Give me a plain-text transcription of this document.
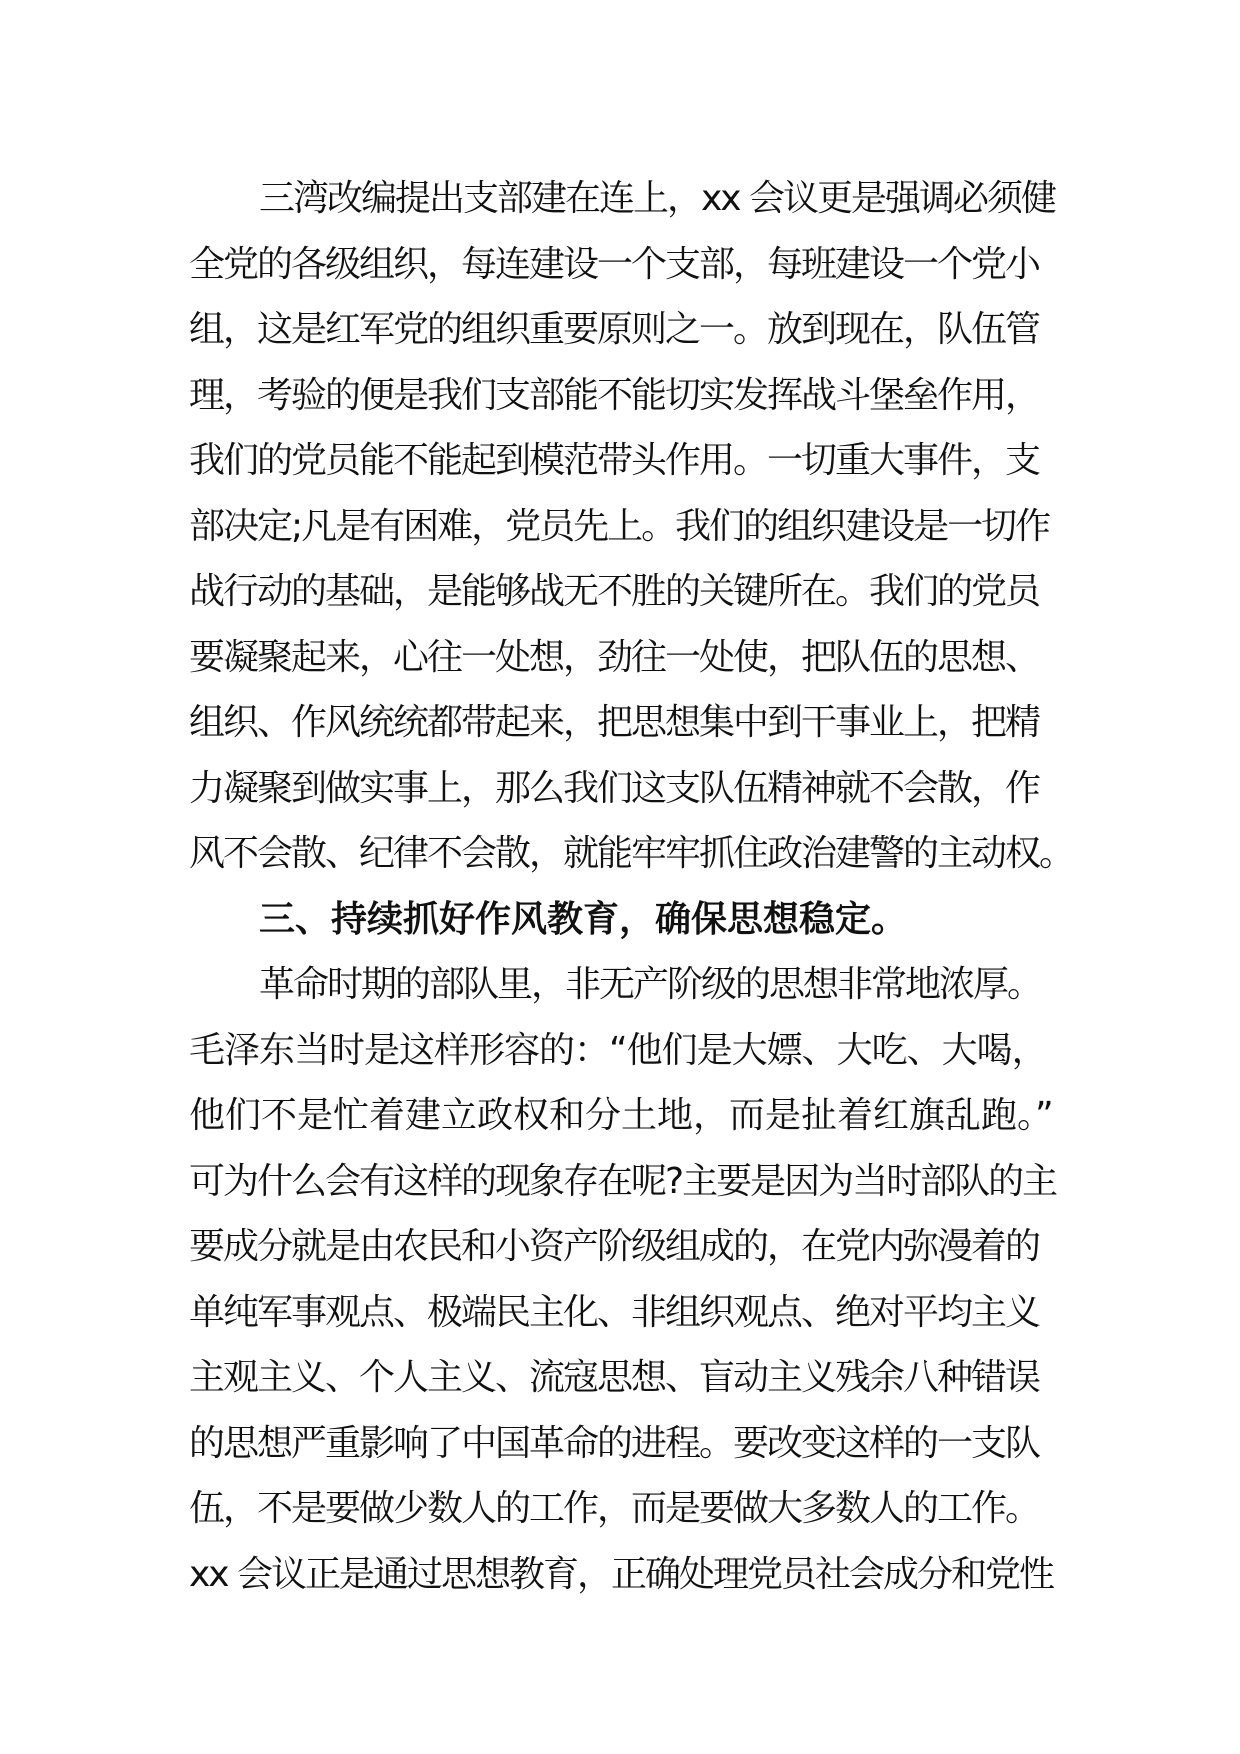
三湾改编提出支部建在连上，xx 会议更是强调必须健
全党的各级组织，每连建设一个支部，每班建设一个党小
组，这是红军党的组织重要原则之一。放到现在，队伍管
理，考验的便是我们支部能不能切实发挥战斗堡垒作用，
我们的党员能不能起到模范带头作用。一切重大事件，支
部决定;凡是有困难，党员先上。我们的组织建设是一切作
战行动的基础，是能够战无不胜的关键所在。我们的党员
要凝聚起来，心往一处想，劲往一处使，把队伍的思想、
组织、作风统统都带起来，把思想集中到干事业上，把精
力凝聚到做实事上，那么我们这支队伍精神就不会散，作
风不会散、纪律不会散，就能牢牢抓住政治建警的主动权。
三、持续抓好作风教育，确保思想稳定。
革命时期的部队里，非无产阶级的思想非常地浓厚。
毛泽东当时是这样形容的：“他们是大嫖、大吃、大喝，
他们不是忙着建立政权和分土地，而是扯着红旗乱跑。”
可为什么会有这样的现象存在呢?主要是因为当时部队的主
要成分就是由农民和小资产阶级组成的，在党内弥漫着的
单纯军事观点、极端民主化、非组织观点、绝对平均主义
主观主义、个人主义、流寇思想、盲动主义残余八种错误
的思想严重影响了中国革命的进程。要改变这样的一支队
伍，不是要做少数人的工作，而是要做大多数人的工作。
xx 会议正是通过思想教育，正确处理党员社会成分和党性
